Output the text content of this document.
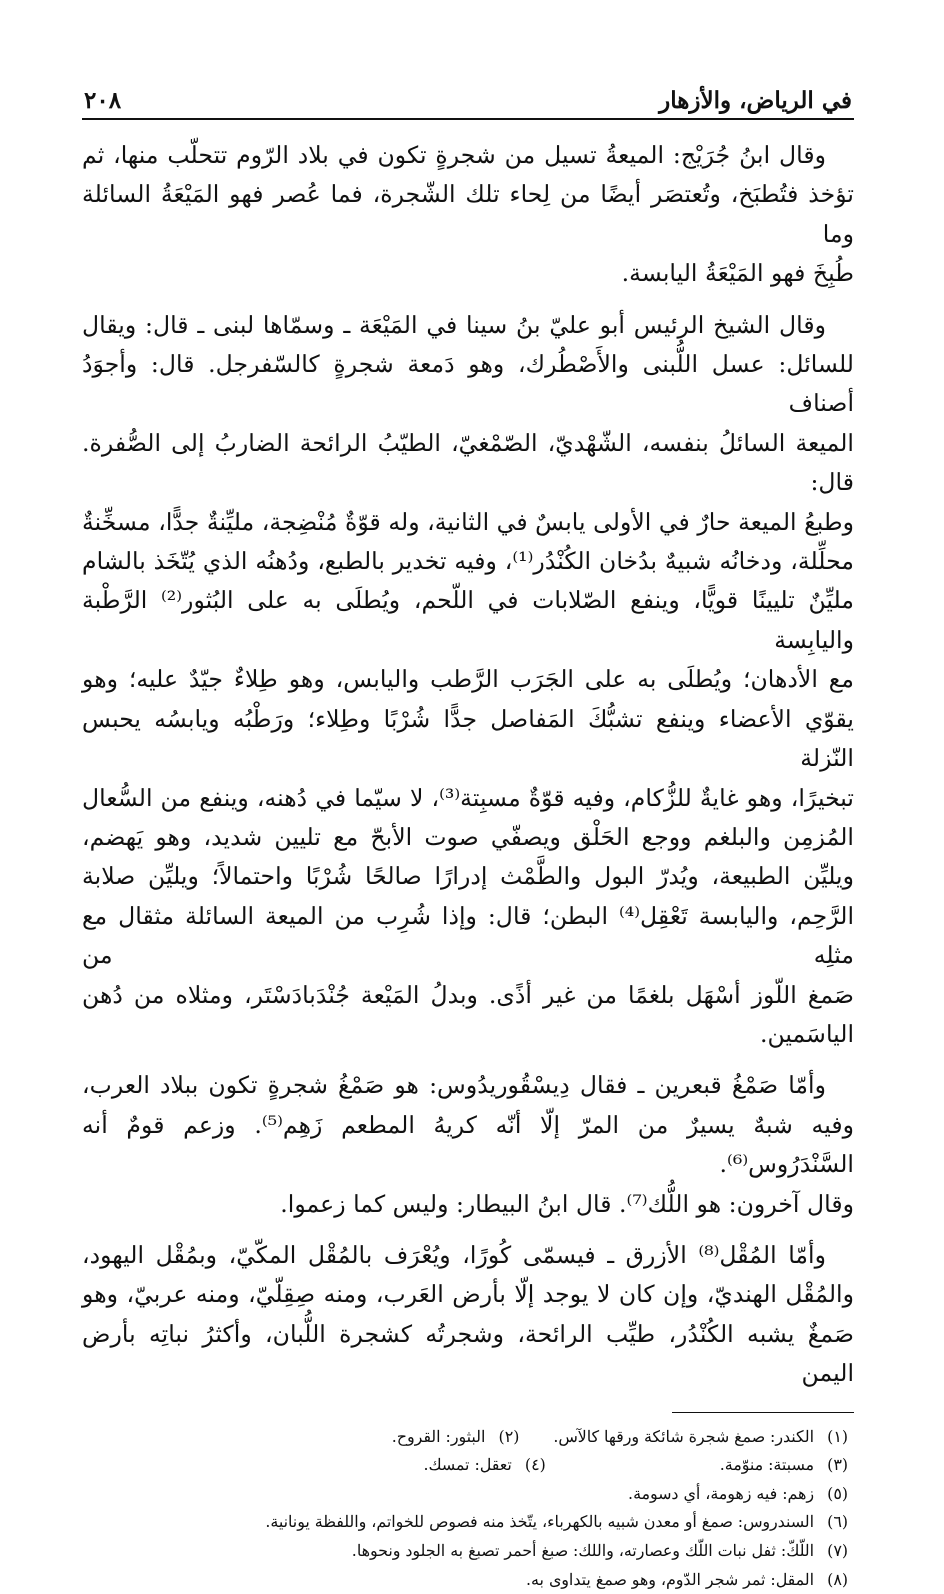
في الرياض، والأزهار
٢٠٨
وقال ابنُ جُرَيْج: الميعةُ تسيل من شجرةٍ تكون في بلاد الرّوم تتحلّب منها، ثم
تؤخذ فتُطبَخ، وتُعتصَر أيضًا من لِحاء تلك الشّجرة، فما عُصر فهو المَيْعَةُ السائلة وما
طُبِخَ فهو المَيْعَةُ اليابسة.
وقال الشيخ الرئيس أبو عليّ بنُ سينا في المَيْعَة ـ وسمّاها لبنى ـ قال: ويقال
للسائل: عسل اللُّبنى والأَصْطُرك، وهو دَمعة شجرةٍ كالسّفرجل. قال: وأجوَدُ أصناف
الميعة السائلُ بنفسه، الشّهْديّ، الصّمْغيّ، الطيّبُ الرائحة الضاربُ إلى الصُّفرة. قال:
وطبعُ الميعة حارٌ في الأولى يابسٌ في الثانية، وله قوّةٌ مُنْضِجة، مليِّنةٌ جدًّا، مسخِّنةٌ
محلِّلة، ودخانُه شبيهٌ بدُخان الكُنْدُر⁽¹⁾، وفيه تخدير بالطبع، ودُهنُه الذي يُتّخَذ بالشام
مليِّنٌ تليينًا قويًّا، وينفع الصّلابات في اللّحم، ويُطلَى به على البُثور⁽²⁾ الرَّطْبة واليابِسة
مع الأدهان؛ ويُطلَى به على الجَرَب الرَّطب واليابس، وهو طِلاءٌ جيّدٌ عليه؛ وهو
يقوّي الأعضاء وينفع تشبُّكَ المَفاصل جدًّا شُرْبًا وطِلاء؛ ورَطْبُه ويابسُه يحبس النّزلة
تبخيرًا، وهو غايةٌ للزُّكام، وفيه قوّةٌ مسبِتة⁽³⁾، لا سيّما في دُهنه، وينفع من السُّعال
المُزمِن والبلغم ووجع الحَلْق ويصفّي صوت الأبحّ مع تليين شديد، وهو يَهضم،
ويليِّن الطبيعة، ويُدرّ البول والطَّمْث إدرارًا صالحًا شُرْبًا واحتمالاً؛ ويليِّن صلابة
الرَّحِم، واليابسة تَعْقِل⁽⁴⁾ البطن؛ قال: وإذا شُرِب من الميعة السائلة مثقال مع مثلِه من
صَمغ اللّوز أسْهَل بلغمًا من غير أذًى. وبدلُ المَيْعة جُنْدَبادَسْتَر، ومثلاه من دُهن
الياسَمين.
وأمّا صَمْغُ قبعرين ـ فقال دِيسْقُوريدُوس: هو صَمْغُ شجرةٍ تكون ببلاد العرب،
وفيه شبهٌ يسيرٌ من المرّ إلّا أنّه كريهُ المطعم زَهِم⁽⁵⁾. وزعم قومٌ أنه السَّنْدَرُوس⁽⁶⁾.
وقال آخرون: هو اللُّك⁽⁷⁾. قال ابنُ البيطار: وليس كما زعموا.
وأمّا المُقْل⁽⁸⁾ الأزرق ـ فيسمّى كُورًا، ويُعْرَف بالمُقْل المكّيّ، وبمُقْل اليهود،
والمُقْل الهنديّ، وإن كان لا يوجد إلّا بأرض العَرب، ومنه صِقِلّيّ، ومنه عربيّ، وهو
صَمغٌ يشبه الكُنْدُر، طيِّب الرائحة، وشجرتُه كشجرة اللُّبان، وأكثرُ نباتِه بأرض اليمن
(١)
الكندر: صمغ شجرة شائكة ورقها كالآس.
(٢)
البثور: القروح.
(٣)
مسبتة: منوّمة.
(٤)
تعقل: تمسك.
(٥)
زهم: فيه زهومة، أي دسومة.
(٦)
السندروس: صمغ أو معدن شبيه بالكهرباء، يتّخذ منه فصوص للخواتم، واللفظة يونانية.
(٧)
اللّكّ: ثفل نبات اللّك وعصارته، واللك: صبغ أحمر تصبغ به الجلود ونحوها.
(٨)
المقل: ثمر شجر الدّوم، وهو صمغ يتداوى به.
